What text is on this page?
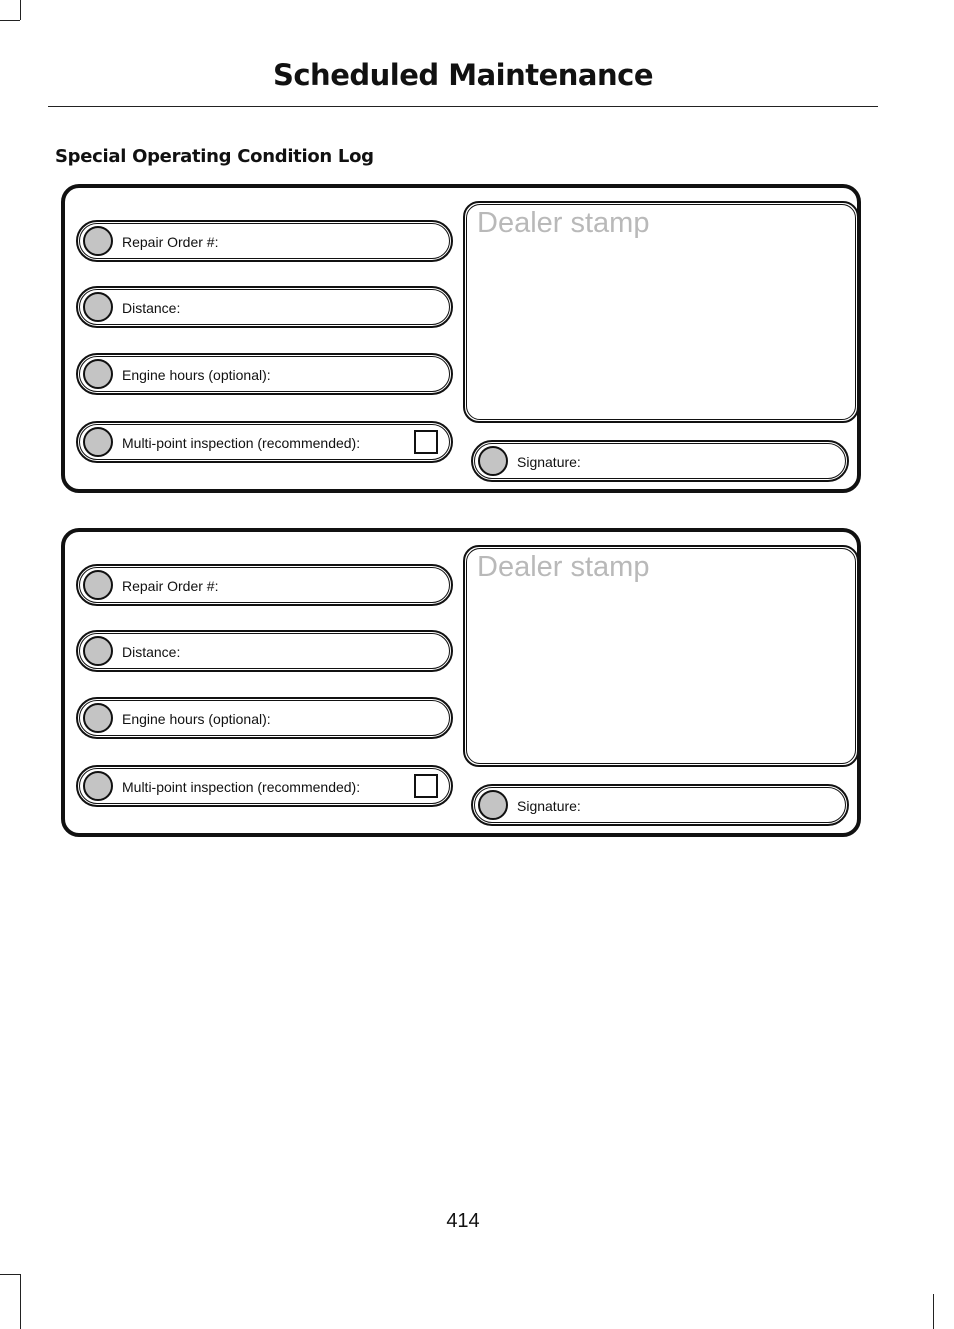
Scheduled Maintenance
Special Operating Condition Log
Repair Order #:
Distance:
Engine hours (optional):
Multi-point inspection (recommended):
Dealer stamp
Signature:
Repair Order #:
Distance:
Engine hours (optional):
Multi-point inspection (recommended):
Dealer stamp
Signature:
414
